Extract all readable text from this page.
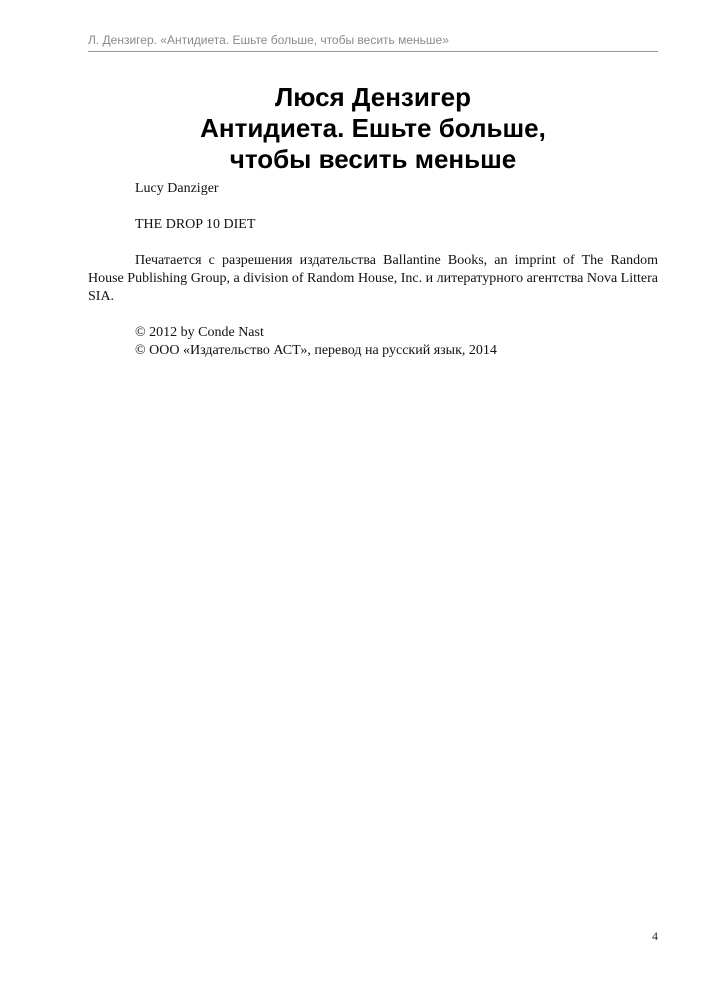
Л. Дензигер. «Антидиета. Ешьте больше, чтобы весить меньше»
Люся Дензигер
Антидиета. Ешьте больше,
чтобы весить меньше

Lucy Danziger

THE DROP 10 DIET

Печатается с разрешения издательства Ballantine Books, an imprint of The Random House Publishing Group, a division of Random House, Inc. и литературного агентства Nova Littera SIA.

© 2012 by Conde Nast

© ООО «Издательство АСТ», перевод на русский язык, 2014

4
